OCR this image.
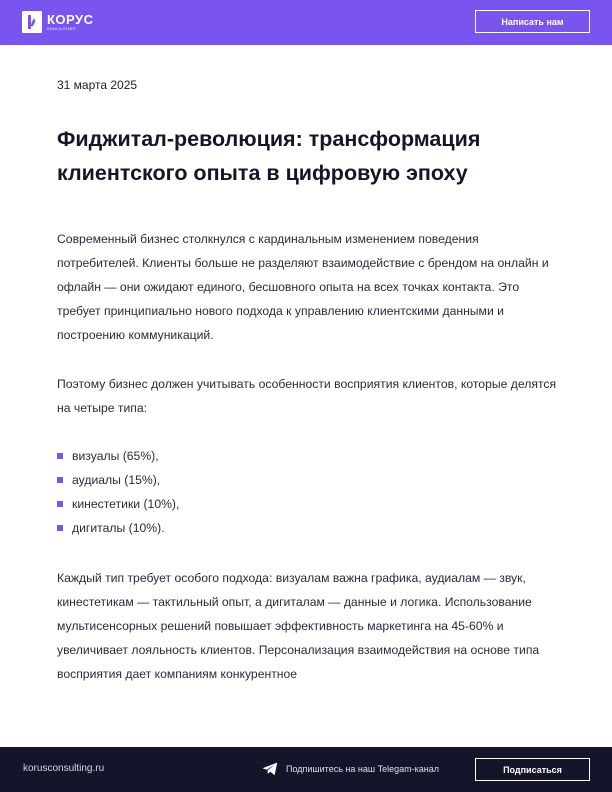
КОРУС
КОНСАЛТИНГ
Написать нам
31 марта 2025
Фиджитал-революция: трансформация клиентского опыта в цифровую эпоху

Современный бизнес столкнулся с кардинальным изменением поведения потребителей. Клиенты больше не разделяют взаимодействие с брендом на онлайн и офлайн — они ожидают единого, бесшовного опыта на всех точках контакта. Это требует принципиально нового подхода к управлению клиентскими данными и построению коммуникаций.

Поэтому бизнес должен учитывать особенности восприятия клиентов, которые делятся на четыре типа:

визуалы (65%),
аудиалы (15%),
кинестетики (10%),
дигиталы (10%).

Каждый тип требует особого подхода: визуалам важна графика, аудиалам — звук, кинестетикам — тактильный опыт, а дигиталам — данные и логика. Использование мультисенсорных решений повышает эффективность маркетинга на 45-60% и увеличивает лояльность клиентов. Персонализация взаимодействия на основе типа восприятия дает компаниям конкурентное

korusconsulting.ru	Подпишитесь на наш Telegam-канал	Подписаться
